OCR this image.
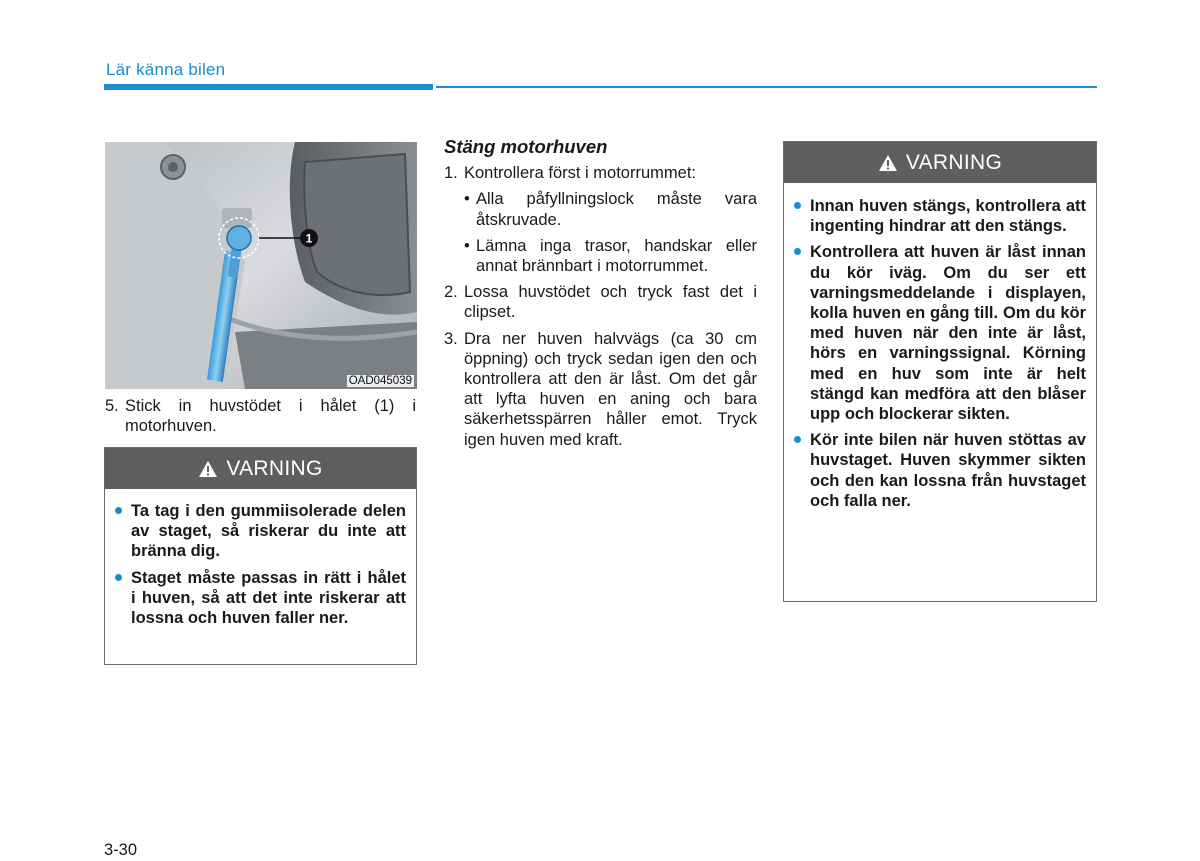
Lär känna bilen
1
OAD045039
5. Stick in huvstödet i hålet (1) i motorhuven.
VARNING
Ta tag i den gummiisolerade delen av staget, så riskerar du inte att bränna dig.
Staget måste passas in rätt i hålet i huven, så att det inte riskerar att lossna och huven faller ner.
Stäng motorhuven
1. Kontrollera först i motorrummet:
• Alla påfyllningslock måste vara åtskruvade.
• Lämna inga trasor, handskar eller annat brännbart i motorrummet.
2. Lossa huvstödet och tryck fast det i clipset.
3. Dra ner huven halvvägs (ca 30 cm öppning) och tryck sedan igen den och kontrollera att den är låst. Om det går att lyfta huven en aning och bara säkerhetsspärren håller emot. Tryck igen huven med kraft.
VARNING
Innan huven stängs, kontrollera att ingenting hindrar att den stängs.
Kontrollera att huven är låst innan du kör iväg. Om du ser ett varningsmeddelande i displayen, kolla huven en gång till. Om du kör med huven när den inte är låst, hörs en varningssignal. Körning med en huv som inte är helt stängd kan medföra att den blåser upp och blockerar sikten.
Kör inte bilen när huven stöttas av huvstaget. Huven skymmer sikten och den kan lossna från huvstaget och falla ner.
3-30
